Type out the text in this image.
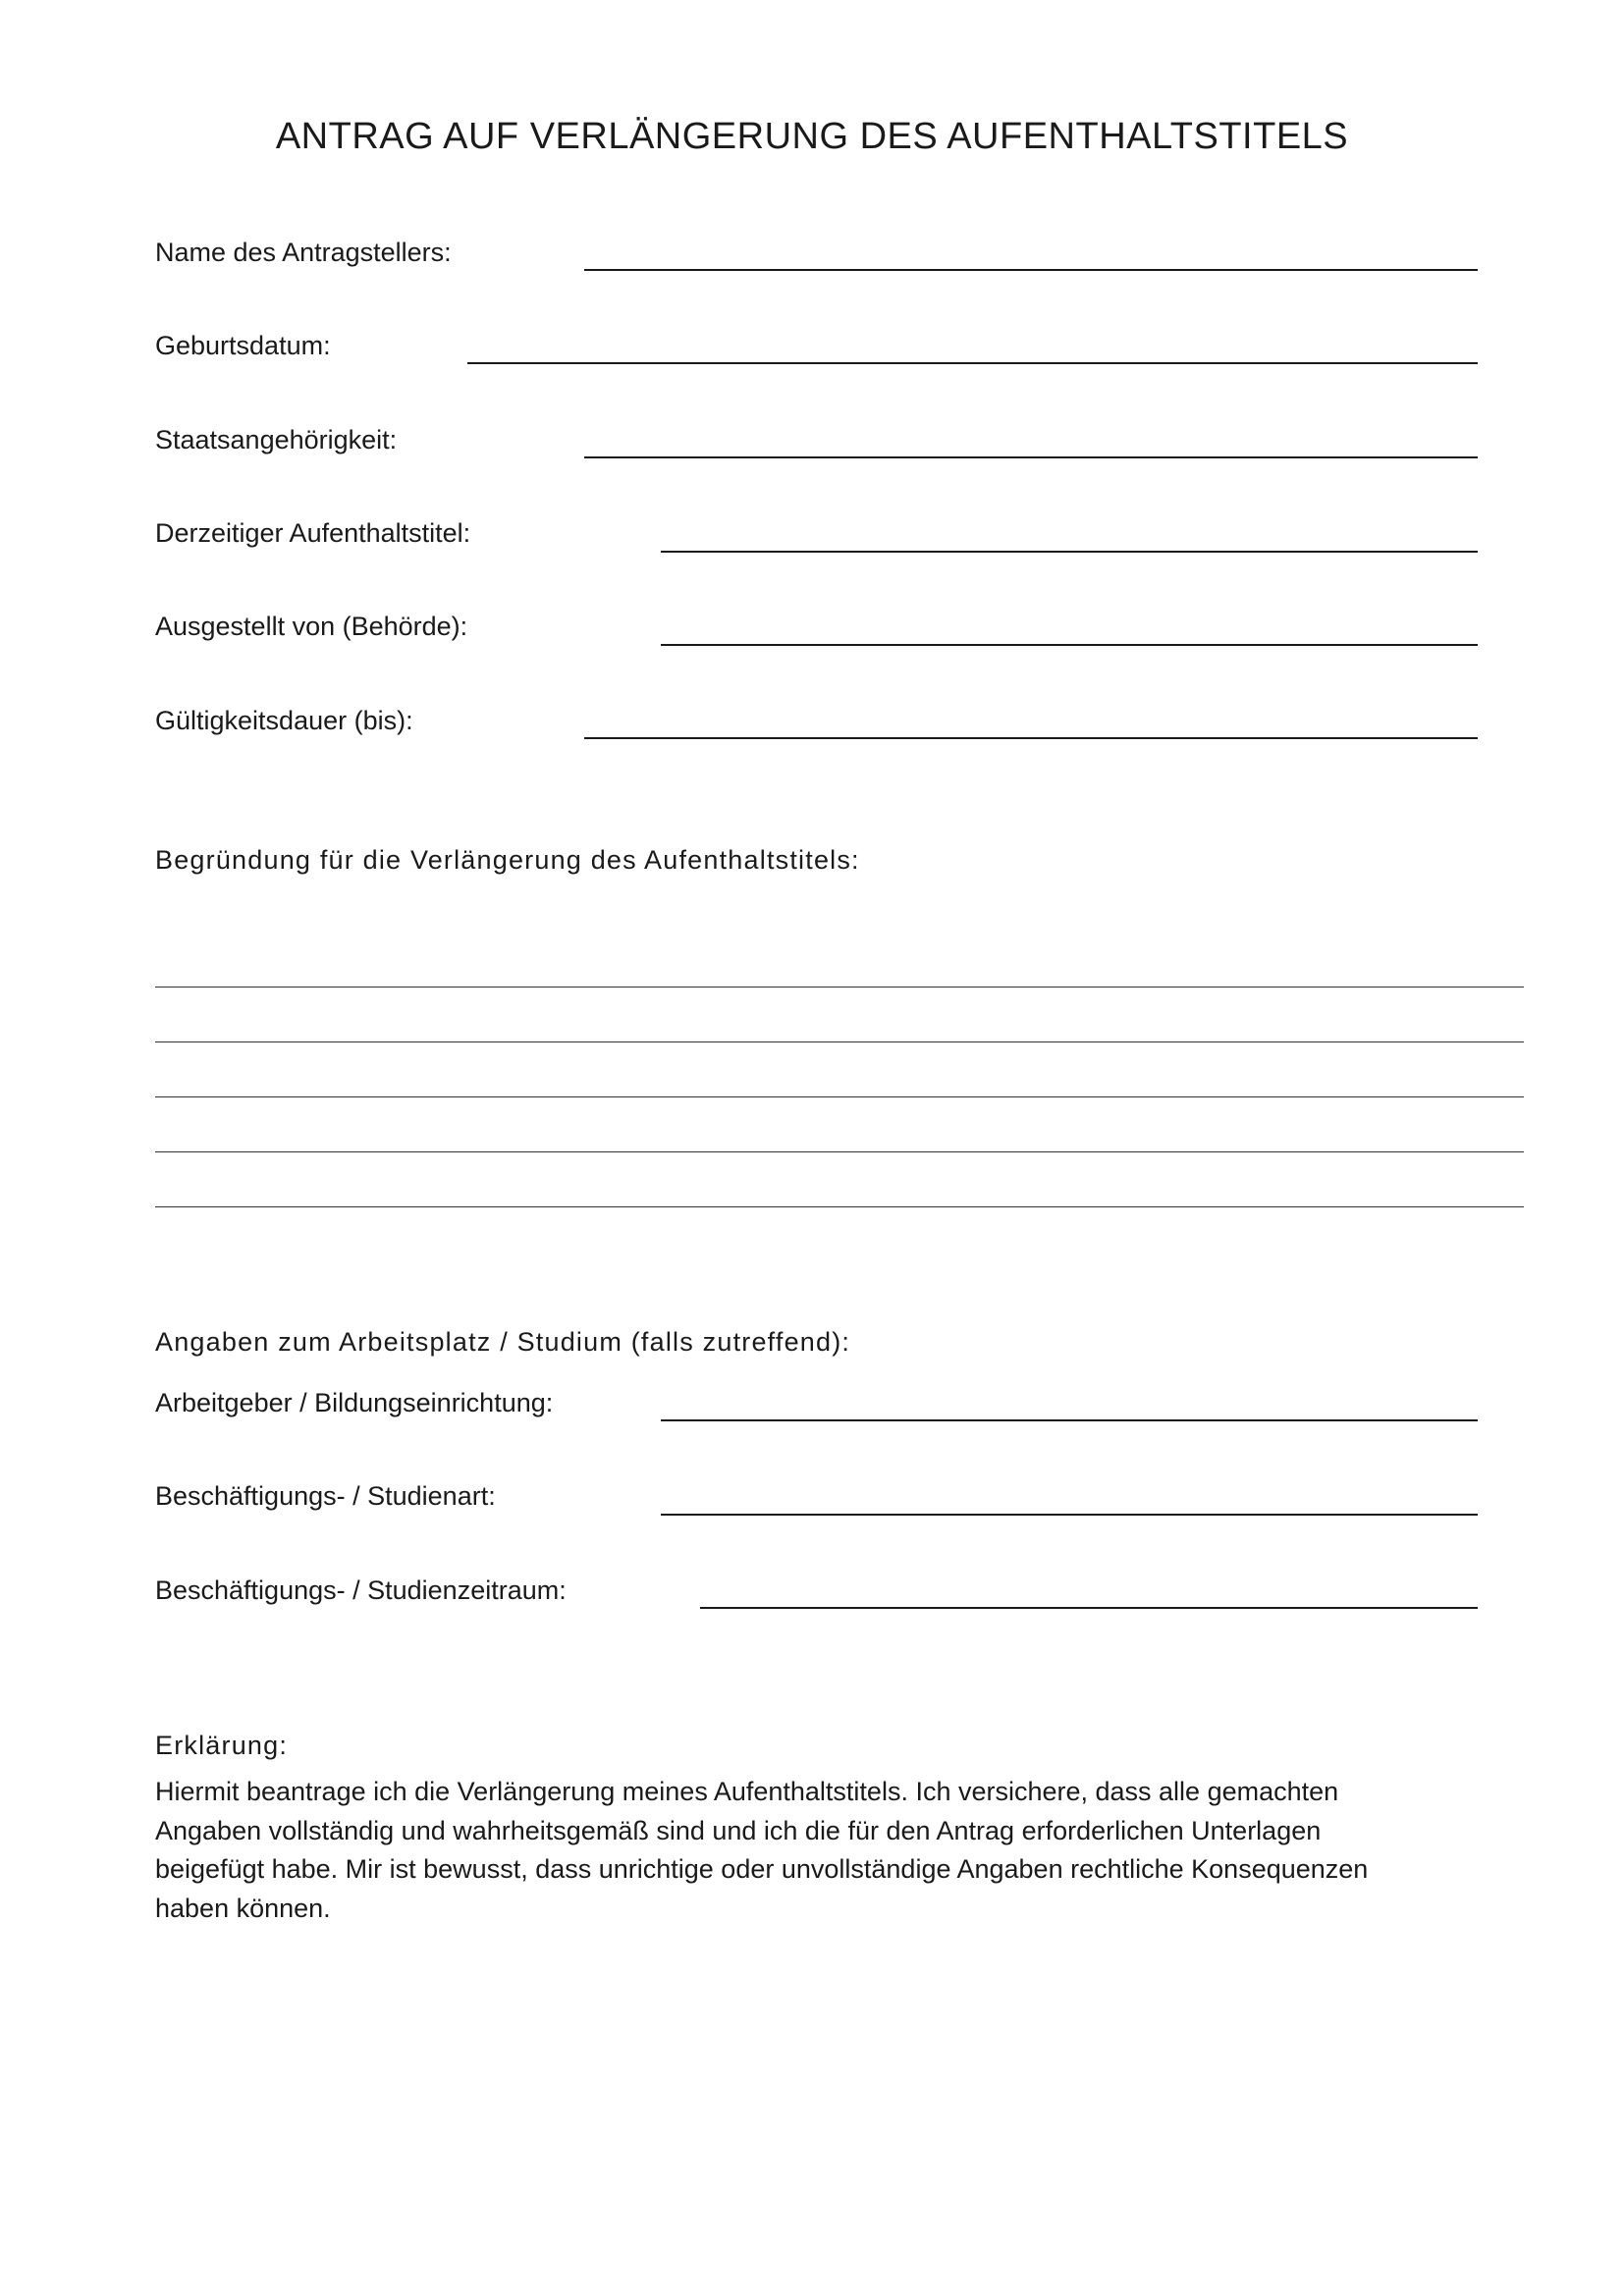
ANTRAG AUF VERLÄNGERUNG DES AUFENTHALTSTITELS
Name des Antragstellers:
Geburtsdatum:
Staatsangehörigkeit:
Derzeitiger Aufenthaltstitel:
Ausgestellt von (Behörde):
Gültigkeitsdauer (bis):
Begründung für die Verlängerung des Aufenthaltstitels:
Angaben zum Arbeitsplatz / Studium (falls zutreffend):
Arbeitgeber / Bildungseinrichtung:
Beschäftigungs- / Studienart:
Beschäftigungs- / Studienzeitraum:
Erklärung:
Hiermit beantrage ich die Verlängerung meines Aufenthaltstitels. Ich versichere, dass alle gemachten Angaben vollständig und wahrheitsgemäß sind und ich die für den Antrag erforderlichen Unterlagen beigefügt habe. Mir ist bewusst, dass unrichtige oder unvollständige Angaben rechtliche Konsequenzen haben können.
